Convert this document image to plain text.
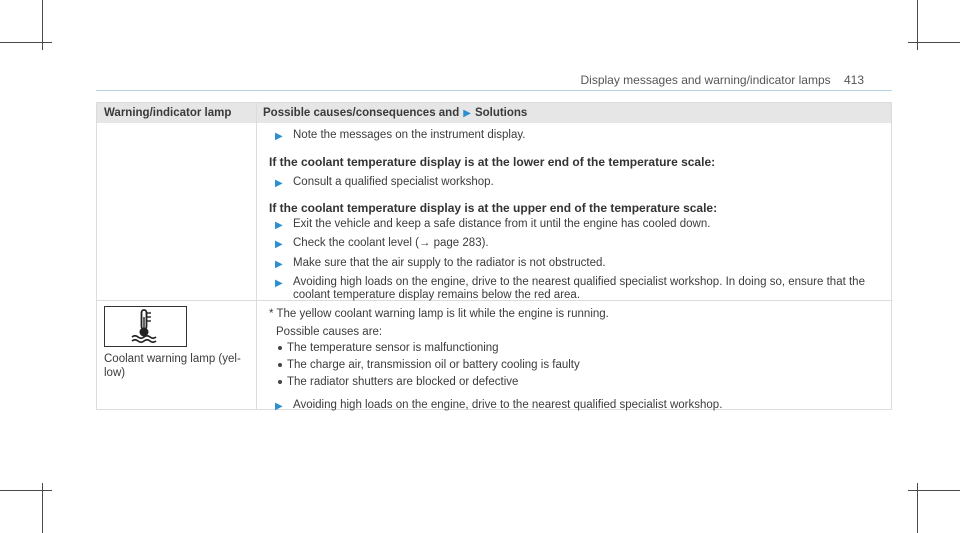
Display messages and warning/indicator lamps 413
Warning/indicator lamp	Possible causes/consequences and ▶ Solutions
▶ Note the messages on the instrument display.
If the coolant temperature display is at the lower end of the temperature scale:
▶ Consult a qualified specialist workshop.
If the coolant temperature display is at the upper end of the temperature scale:
▶ Exit the vehicle and keep a safe distance from it until the engine has cooled down.
▶ Check the coolant level (→ page 283).
▶ Make sure that the air supply to the radiator is not obstructed.
▶ Avoiding high loads on the engine, drive to the nearest qualified specialist workshop. In doing so, ensure that the
coolant temperature display remains below the red area.
Coolant warning lamp (yel-
low)
* The yellow coolant warning lamp is lit while the engine is running.
Possible causes are:
The temperature sensor is malfunctioning
The charge air, transmission oil or battery cooling is faulty
The radiator shutters are blocked or defective
▶ Avoiding high loads on the engine, drive to the nearest qualified specialist workshop.
